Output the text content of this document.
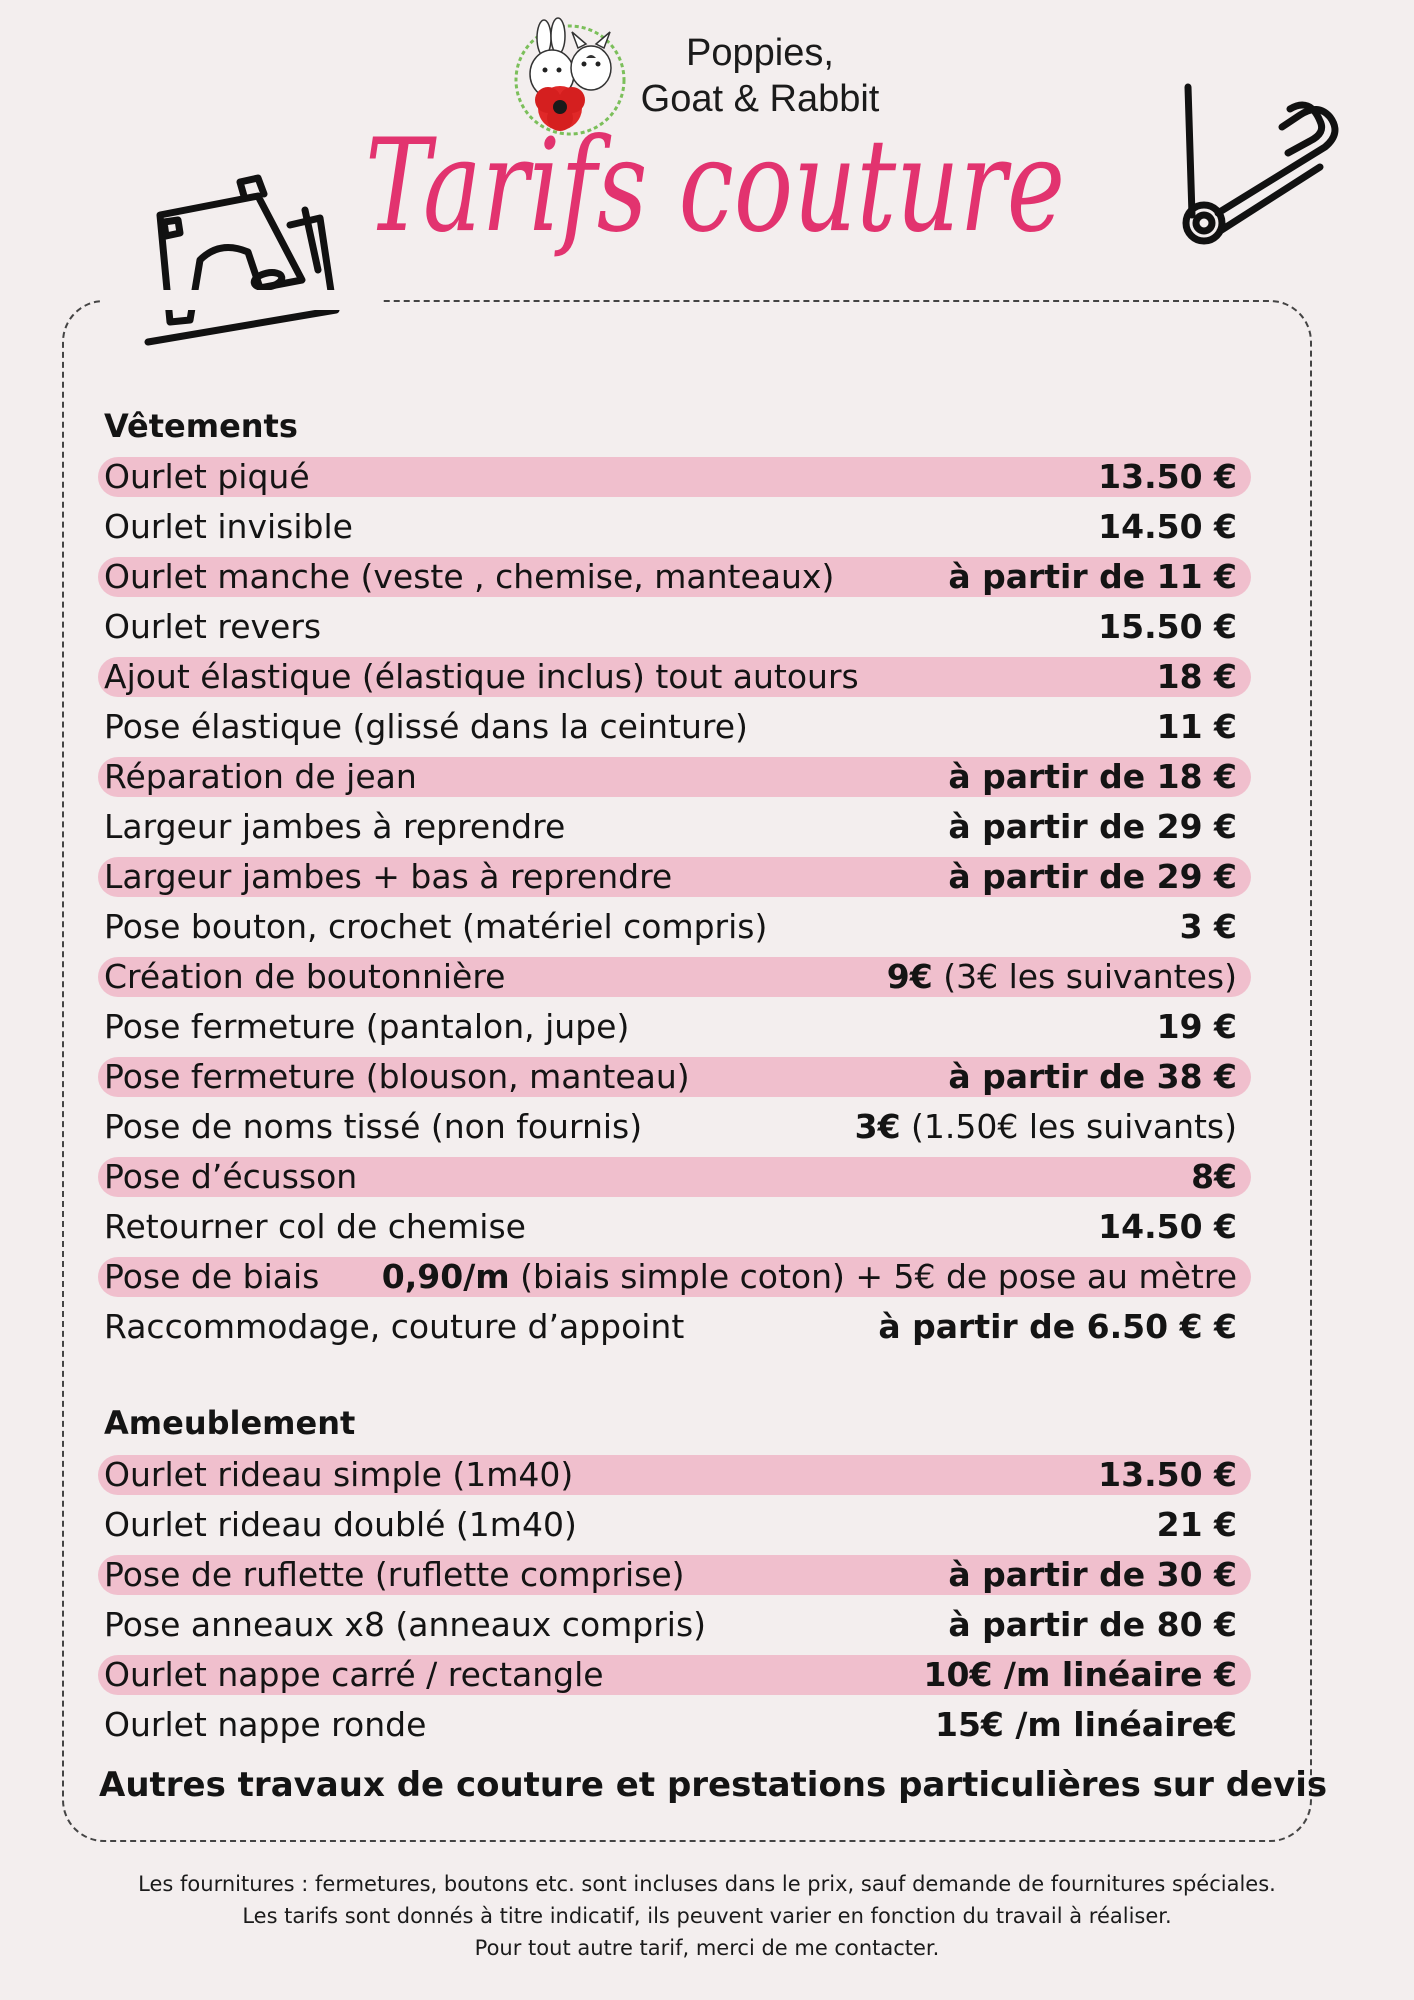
Poppies,
Goat & Rabbit
Tarifs couture
Vêtements
Ourlet piqué	13.50 €
Ourlet invisible	14.50 €
Ourlet manche (veste , chemise, manteaux)	à partir de 11 €
Ourlet revers	15.50 €
Ajout élastique (élastique inclus) tout autours	18 €
Pose élastique (glissé dans la ceinture)	11 €
Réparation de jean	à partir de 18 €
Largeur jambes à reprendre	à partir de 29 €
Largeur jambes + bas à reprendre	à partir de 29 €
Pose bouton, crochet (matériel compris)	3 €
Création de boutonnière	9€ (3€ les suivantes)
Pose fermeture (pantalon, jupe)	19 €
Pose fermeture (blouson, manteau)	à partir de 38 €
Pose de noms tissé (non fournis)	3€ (1.50€ les suivants)
Pose d’écusson	8€
Retourner col de chemise	14.50 €
Pose de biais 0,90/m (biais simple coton) + 5€ de pose au mètre
Raccommodage, couture d’appoint	à partir de 6.50 € €
Ameublement
Ourlet rideau simple (1m40)	13.50 €
Ourlet rideau doublé (1m40)	21 €
Pose de ruflette (ruflette comprise)	à partir de 30 €
Pose anneaux x8 (anneaux compris)	à partir de 80 €
Ourlet nappe carré / rectangle	10€ /m linéaire €
Ourlet nappe ronde	15€ /m linéaire€
Autres travaux de couture et prestations particulières sur devis
Les fournitures : fermetures, boutons etc. sont incluses dans le prix, sauf demande de fournitures spéciales.
Les tarifs sont donnés à titre indicatif, ils peuvent varier en fonction du travail à réaliser.
Pour tout autre tarif, merci de me contacter.
